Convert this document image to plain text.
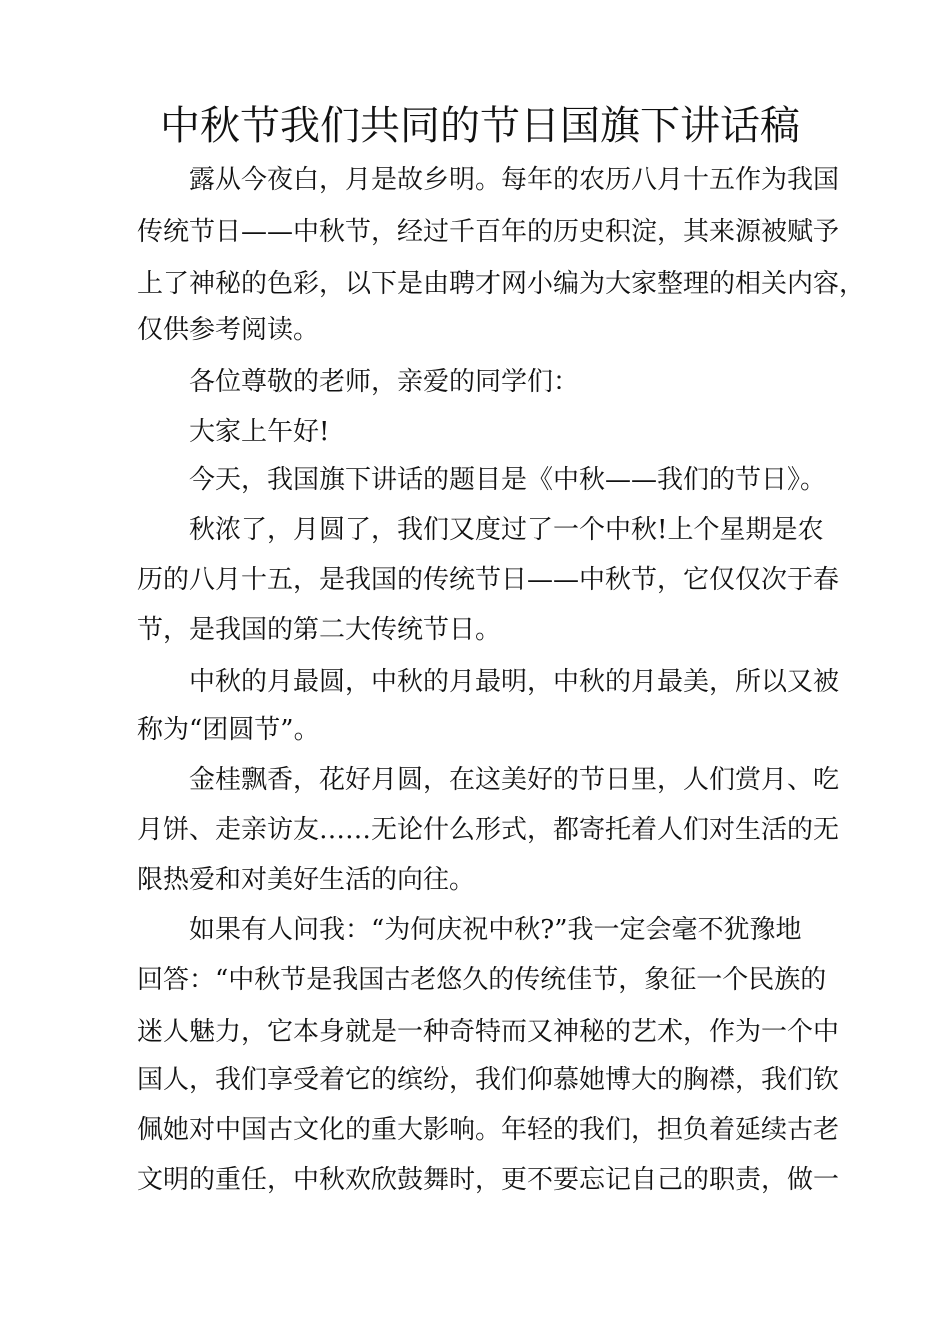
中秋节我们共同的节日国旗下讲话稿
露从今夜白，月是故乡明。每年的农历八月十五作为我国
传统节日——中秋节，经过千百年的历史积淀，其来源被赋予
上了神秘的色彩，以下是由聘才网小编为大家整理的相关内容，
仅供参考阅读。
各位尊敬的老师，亲爱的同学们：
大家上午好!
今天，我国旗下讲话的题目是《中秋——我们的节日》。
秋浓了，月圆了，我们又度过了一个中秋!上个星期是农
历的八月十五，是我国的传统节日——中秋节，它仅仅次于春
节，是我国的第二大传统节日。
中秋的月最圆，中秋的月最明，中秋的月最美，所以又被
称为“团圆节”。
金桂飘香，花好月圆，在这美好的节日里，人们赏月、吃
月饼、走亲访友……无论什么形式，都寄托着人们对生活的无
限热爱和对美好生活的向往。
如果有人问我：“为何庆祝中秋?”我一定会毫不犹豫地
回答：“中秋节是我国古老悠久的传统佳节，象征一个民族的
迷人魅力，它本身就是一种奇特而又神秘的艺术，作为一个中
国人，我们享受着它的缤纷，我们仰慕她博大的胸襟，我们钦
佩她对中国古文化的重大影响。年轻的我们，担负着延续古老
文明的重任，中秋欢欣鼓舞时，更不要忘记自己的职责，做一
